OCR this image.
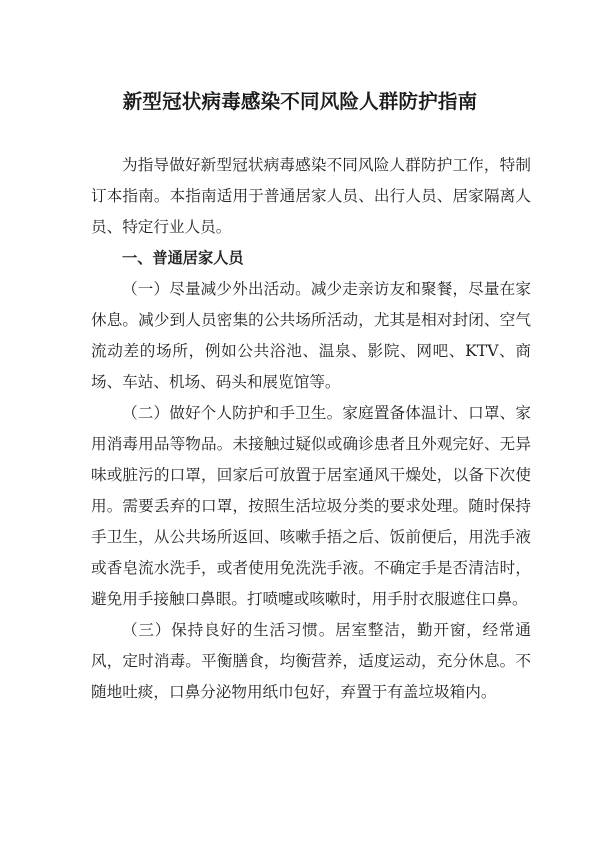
新型冠状病毒感染不同风险人群防护指南

为指导做好新型冠状病毒感染不同风险人群防护工作，特制订本指南。本指南适用于普通居家人员、出行人员、居家隔离人员、特定行业人员。

一、普通居家人员

（一）尽量减少外出活动。减少走亲访友和聚餐，尽量在家休息。减少到人员密集的公共场所活动，尤其是相对封闭、空气流动差的场所，例如公共浴池、温泉、影院、网吧、KTV、商场、车站、机场、码头和展览馆等。

（二）做好个人防护和手卫生。家庭置备体温计、口罩、家用消毒用品等物品。未接触过疑似或确诊患者且外观完好、无异味或脏污的口罩，回家后可放置于居室通风干燥处，以备下次使用。需要丢弃的口罩，按照生活垃圾分类的要求处理。随时保持手卫生，从公共场所返回、咳嗽手捂之后、饭前便后，用洗手液或香皂流水洗手，或者使用免洗洗手液。不确定手是否清洁时，避免用手接触口鼻眼。打喷嚏或咳嗽时，用手肘衣服遮住口鼻。

（三）保持良好的生活习惯。居室整洁，勤开窗，经常通风，定时消毒。平衡膳食，均衡营养，适度运动，充分休息。不随地吐痰，口鼻分泌物用纸巾包好，弃置于有盖垃圾箱内。
